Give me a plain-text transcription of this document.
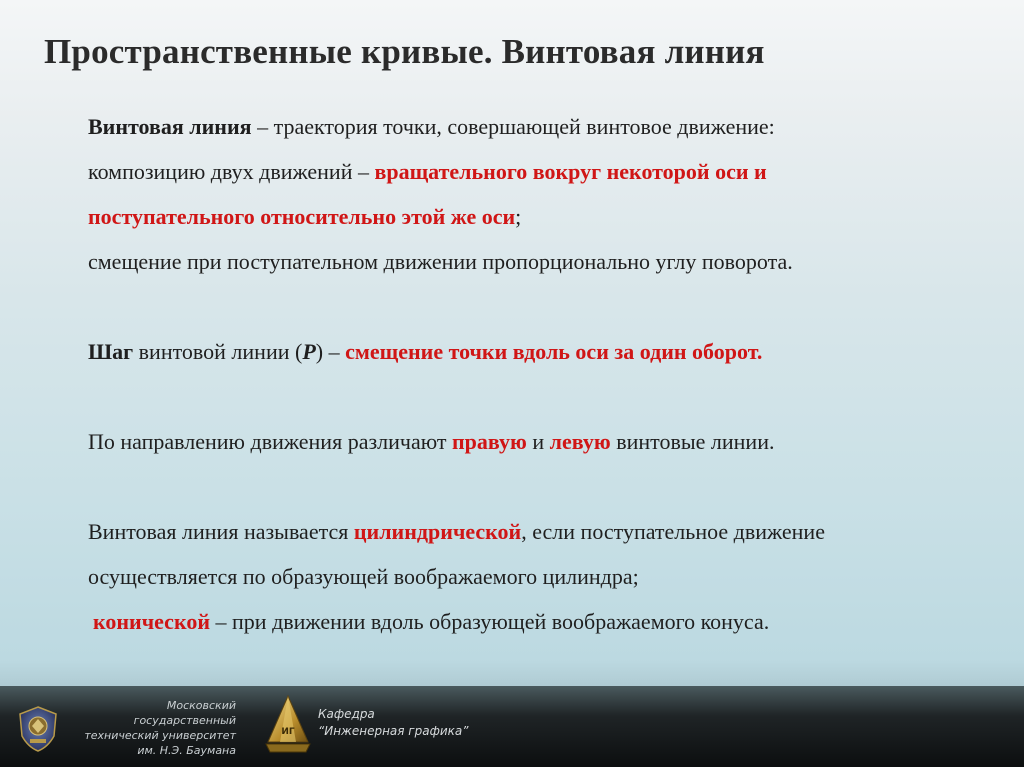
Пространственные кривые. Винтовая линия
Винтовая линия – траектория точки, совершающей винтовое движение:
композицию двух движений – вращательного вокруг некоторой оси и
поступательного относительно этой же оси;
смещение при поступательном движении пропорционально углу поворота.
Шаг винтовой линии (P) – смещение точки вдоль оси за один оборот.
По направлению движения различают правую и левую винтовые линии.
Винтовая линия называется цилиндрической, если поступательное движение
осуществляется по образующей воображаемого цилиндра;
конической – при движении вдоль образующей воображаемого конуса.
Московский государственный
технический университет
им. Н.Э. Баумана
ИГ
Кафедра
“Инженерная графика”
